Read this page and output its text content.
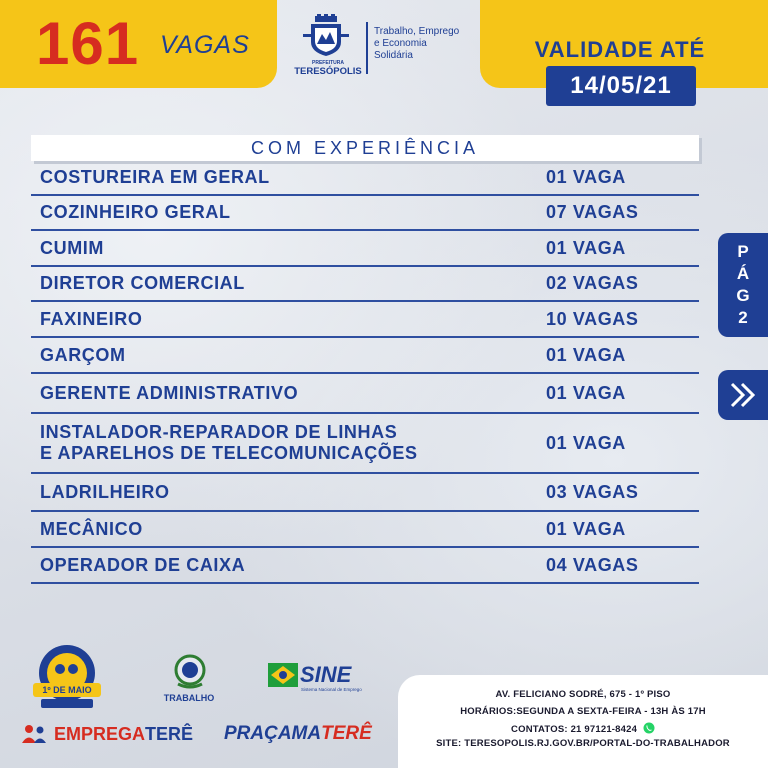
161 VAGAS
PREFEITURA
TERESÓPOLIS
Trabalho, Emprego
e Economia
Solidária	VALIDADE ATÉ
14/05/21
COM EXPERIÊNCIA
COSTUREIRA EM GERAL	01 VAGA
COZINHEIRO GERAL	07 VAGAS
CUMIM	01 VAGA
DIRETOR COMERCIAL	02 VAGAS
FAXINEIRO	10 VAGAS
GARÇOM	01 VAGA
GERENTE ADMINISTRATIVO	01 VAGA
INSTALADOR-REPARADOR DE LINHAS
E APARELHOS DE TELECOMUNICAÇÕES
01 VAGA
LADRILHEIRO	03 VAGAS
MECÂNICO	01 VAGA
OPERADOR DE CAIXA	04 VAGAS
P
Á
G
2
1º DE MAIO
TRABALHO
SINE
Sistema Nacional de Emprego
EMPREGA TERÊ PRAÇAMA TERÊ
AV. FELICIANO SODRÉ, 675 - 1º PISO
HORÁRIOS:SEGUNDA A SEXTA-FEIRA - 13H ÀS 17H
CONTATOS: 21 97121-8424
SITE: TERESOPOLIS.RJ.GOV.BR/PORTAL-DO-TRABALHADOR
